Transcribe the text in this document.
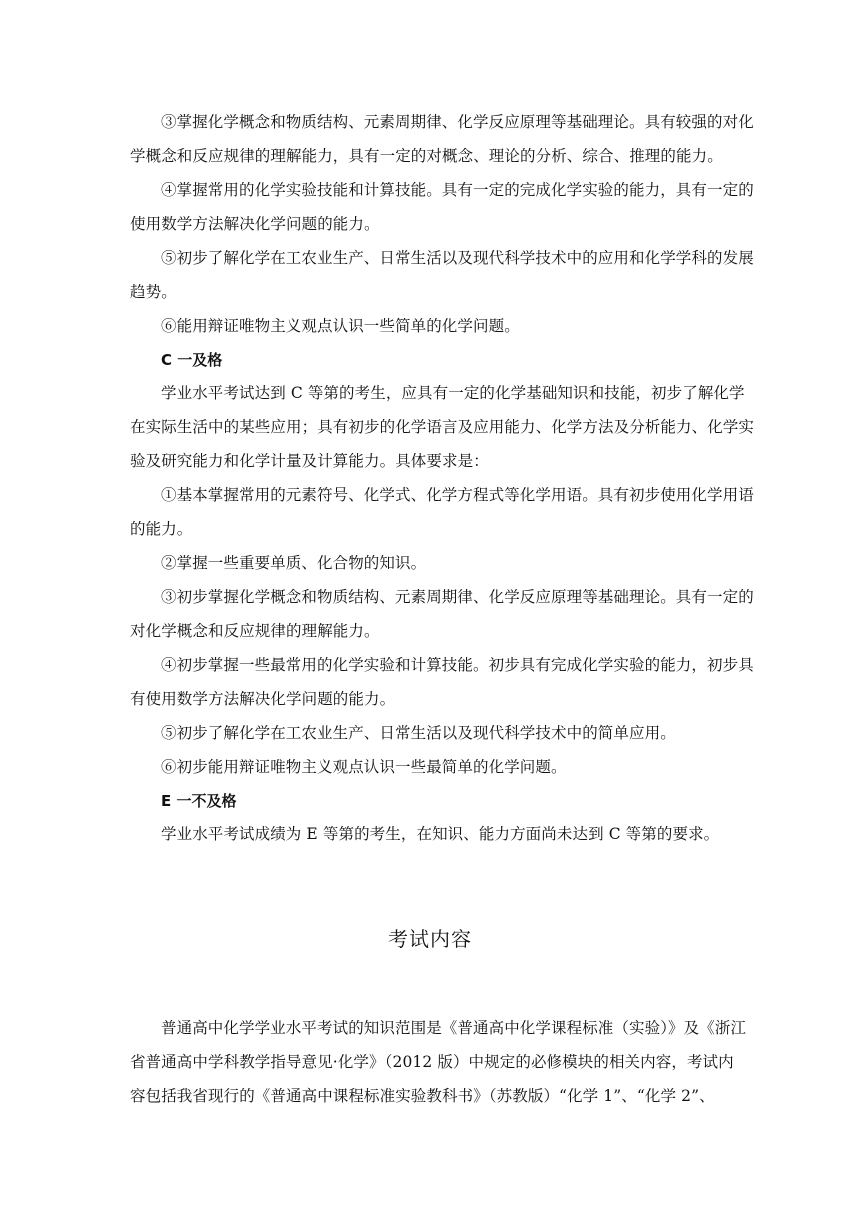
③掌握化学概念和物质结构、元素周期律、化学反应原理等基础理论。具有较强的对化
学概念和反应规律的理解能力，具有一定的对概念、理论的分析、综合、推理的能力。
④掌握常用的化学实验技能和计算技能。具有一定的完成化学实验的能力，具有一定的
使用数学方法解决化学问题的能力。
⑤初步了解化学在工农业生产、日常生活以及现代科学技术中的应用和化学学科的发展
趋势。
⑥能用辩证唯物主义观点认识一些简单的化学问题。
C 一及格
学业水平考试达到 C 等第的考生，应具有一定的化学基础知识和技能，初步了解化学
在实际生活中的某些应用；具有初步的化学语言及应用能力、化学方法及分析能力、化学实
验及研究能力和化学计量及计算能力。具体要求是：
①基本掌握常用的元素符号、化学式、化学方程式等化学用语。具有初步使用化学用语
的能力。
②掌握一些重要单质、化合物的知识。
③初步掌握化学概念和物质结构、元素周期律、化学反应原理等基础理论。具有一定的
对化学概念和反应规律的理解能力。
④初步掌握一些最常用的化学实验和计算技能。初步具有完成化学实验的能力，初步具
有使用数学方法解决化学问题的能力。
⑤初步了解化学在工农业生产、日常生活以及现代科学技术中的简单应用。
⑥初步能用辩证唯物主义观点认识一些最简单的化学问题。
E 一不及格
学业水平考试成绩为 E 等第的考生，在知识、能力方面尚未达到 C 等第的要求。
考试内容
普通高中化学学业水平考试的知识范围是《普通高中化学课程标准（实验）》及《浙江
省普通高中学科教学指导意见·化学》（2012 版）中规定的必修模块的相关内容，考试内
容包括我省现行的《普通高中课程标准实验教科书》（苏教版）“化学 1”、“化学 2”、
